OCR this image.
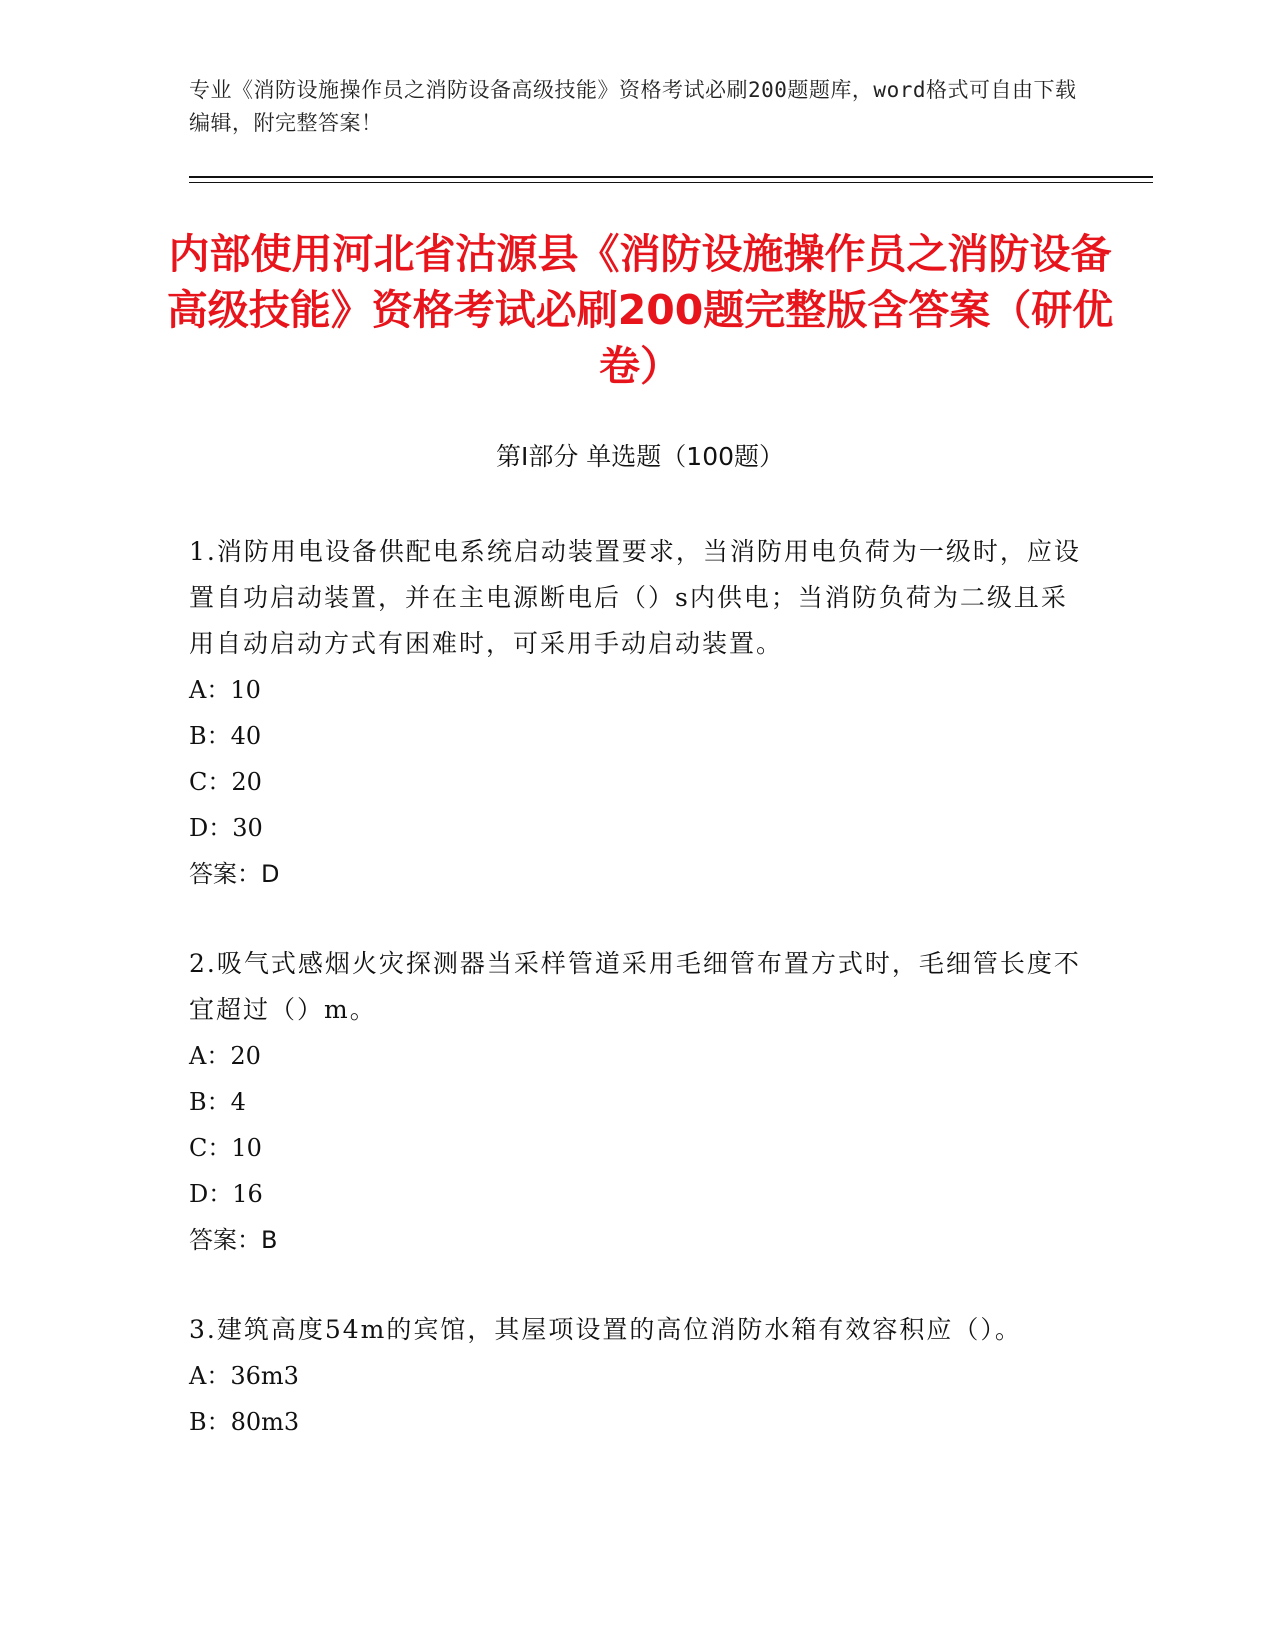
专业《消防设施操作员之消防设备高级技能》资格考试必刷200题题库，word格式可自由下载编辑，附完整答案！
内部使用河北省沽源县《消防设施操作员之消防设备高级技能》资格考试必刷200题完整版含答案（研优卷）
第Ⅰ部分 单选题（100题）

1.消防用电设备供配电系统启动装置要求，当消防用电负荷为一级时，应设置自功启动装置，并在主电源断电后（）s内供电；当消防负荷为二级且采用自动启动方式有困难时，可采用手动启动装置。

A：10

B：40

C：20

D：30

答案：D

2.吸气式感烟火灾探测器当采样管道采用毛细管布置方式时，毛细管长度不宜超过（）m。

A：20

B：4

C：10

D：16

答案：B

3.建筑高度54m的宾馆，其屋项设置的高位消防水箱有效容积应（）。

A：36m3

B：80m3
